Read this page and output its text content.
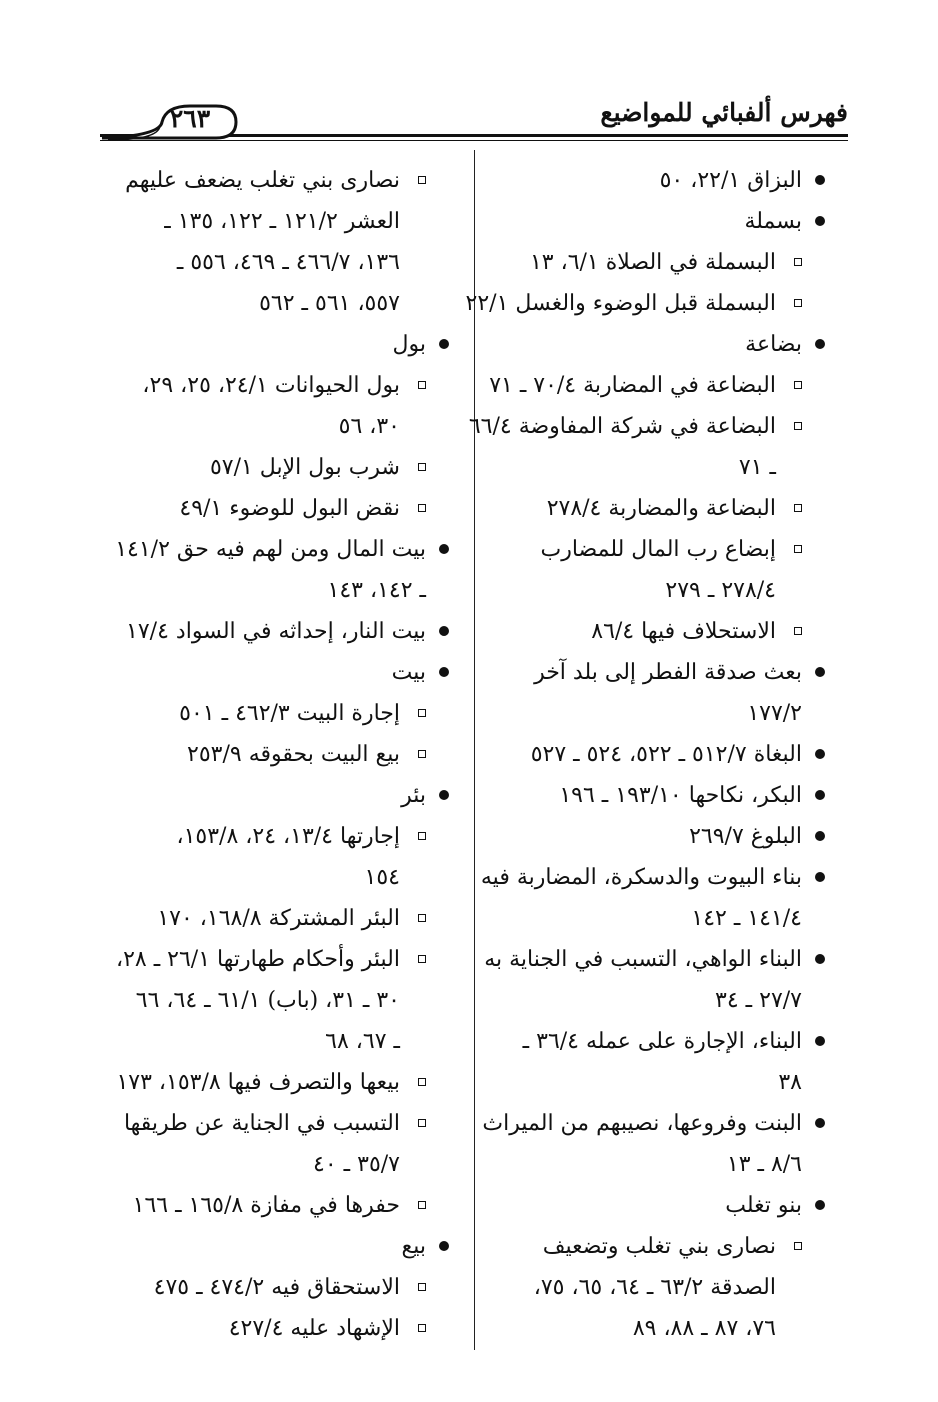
فهرس ألفبائي للمواضيع
٢٦٣
البزاق ٢٢/١، ٥٠
بسملة
البسملة في الصلاة ٦/١، ١٣
البسملة قبل الوضوء والغسل ٢٢/١
بضاعة
البضاعة في المضاربة ٧٠/٤ ـ ٧١
البضاعة في شركة المفاوضة ٦٦/٤
ـ ٧١
البضاعة والمضاربة ٢٧٨/٤
إبضاع رب المال للمضارب
٢٧٨/٤ ـ ٢٧٩
الاستحلاف فيها ٨٦/٤
بعث صدقة الفطر إلى بلد آخر
١٧٧/٢
البغاة ٥١٢/٧ ـ ٥٢٢، ٥٢٤ ـ ٥٢٧
البكر، نكاحها ١٩٣/١٠ ـ ١٩٦
البلوغ ٢٦٩/٧
بناء البيوت والدسكرة، المضاربة فيه
١٤١/٤ ـ ١٤٢
البناء الواهي، التسبب في الجناية به
٢٧/٧ ـ ٣٤
البناء، الإجارة على عمله ٣٦/٤ ـ
٣٨
البنت وفروعها، نصيبهم من الميراث
٨/٦ ـ ١٣
بنو تغلب
نصارى بني تغلب وتضعيف
الصدقة ٦٣/٢ ـ ٦٤، ٦٥، ٧٥،
٧٦، ٨٧ ـ ٨٨، ٨٩
نصارى بني تغلب يضعف عليهم
العشر ١٢١/٢ ـ ١٢٢، ١٣٥ ـ
١٣٦، ٤٦٦/٧ ـ ٤٦٩، ٥٥٦ ـ
٥٥٧، ٥٦١ ـ ٥٦٢
بول
بول الحيوانات ٢٤/١، ٢٥، ٢٩،
٣٠، ٥٦
شرب بول الإبل ٥٧/١
نقض البول للوضوء ٤٩/١
بيت المال ومن لهم فيه حق ١٤١/٢
ـ ١٤٢، ١٤٣
بيت النار، إحداثه في السواد ١٧/٤
بيت
إجارة البيت ٤٦٢/٣ ـ ٥٠١
بيع البيت بحقوقه ٢٥٣/٩
بئر
إجارتها ١٣/٤، ٢٤، ١٥٣/٨،
١٥٤
البئر المشتركة ١٦٨/٨، ١٧٠
البئر وأحكام طهارتها ٢٦/١ ـ ٢٨،
٣٠ ـ ٣١، (باب) ٦١/١ ـ ٦٤، ٦٦
ـ ٦٧، ٦٨
بيعها والتصرف فيها ١٥٣/٨، ١٧٣
التسبب في الجناية عن طريقها
٣٥/٧ ـ ٤٠
حفرها في مفازة ١٦٥/٨ ـ ١٦٦
بيع
الاستحقاق فيه ٤٧٤/٢ ـ ٤٧٥
الإشهاد عليه ٤٢٧/٤
